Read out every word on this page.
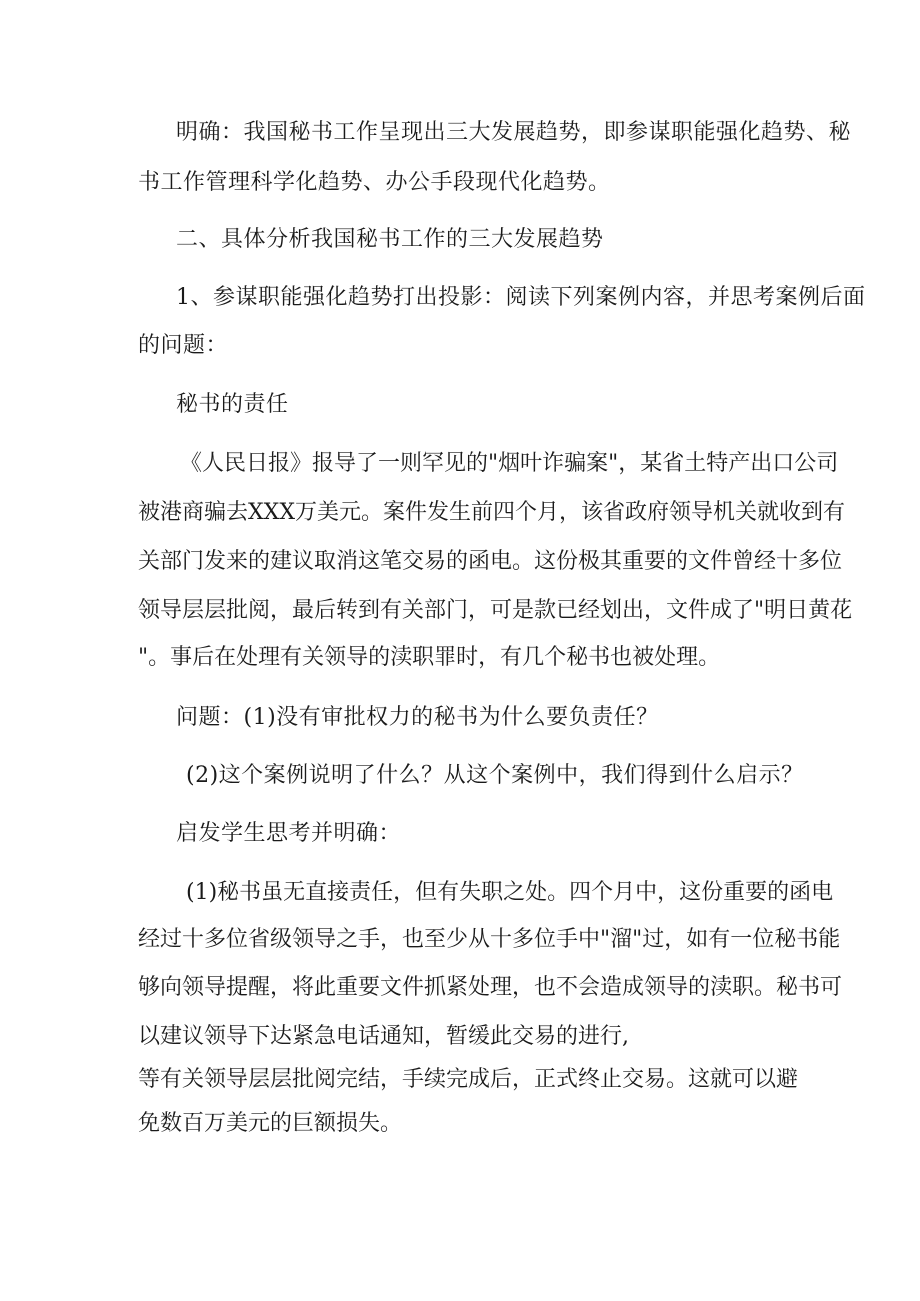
明确：我国秘书工作呈现出三大发展趋势，即参谋职能强化趋势、秘
书工作管理科学化趋势、办公手段现代化趋势。
二、具体分析我国秘书工作的三大发展趋势
1、参谋职能强化趋势打出投影：阅读下列案例内容，并思考案例后面
的问题：
秘书的责任
《人民日报》报导了一则罕见的"烟叶诈骗案"，某省土特产出口公司
被港商骗去XXX万美元。案件发生前四个月，该省政府领导机关就收到有
关部门发来的建议取消这笔交易的函电。这份极其重要的文件曾经十多位
领导层层批阅，最后转到有关部门，可是款已经划出，文件成了"明日黄花
"。事后在处理有关领导的渎职罪时，有几个秘书也被处理。
问题：(1)没有审批权力的秘书为什么要负责任？
(2)这个案例说明了什么？从这个案例中，我们得到什么启示？
启发学生思考并明确：
(1)秘书虽无直接责任，但有失职之处。四个月中，这份重要的函电
经过十多位省级领导之手，也至少从十多位手中"溜"过，如有一位秘书能
够向领导提醒，将此重要文件抓紧处理，也不会造成领导的渎职。秘书可
以建议领导下达紧急电话通知，暂缓此交易的进行,
等有关领导层层批阅完结，手续完成后，正式终止交易。这就可以避
免数百万美元的巨额损失。
